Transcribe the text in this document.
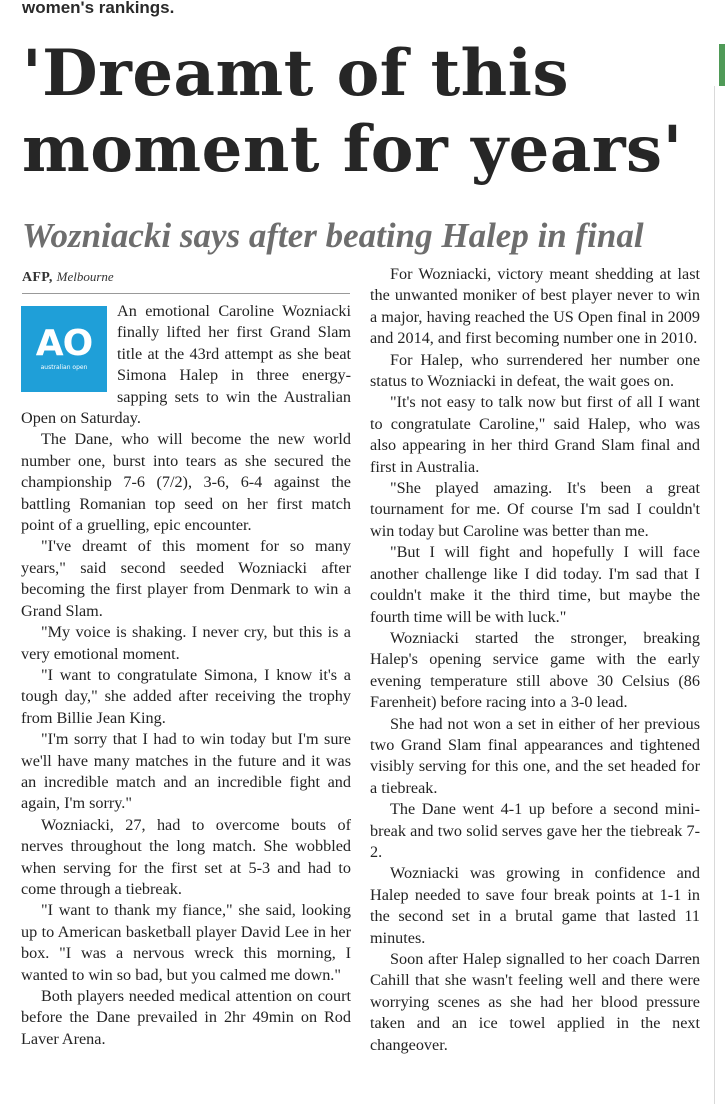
women's rankings.
'Dreamt of this moment for years'
Wozniacki says after beating Halep in final
AFP, Melbourne
AO
australian open

An emotional Caroline Wozniacki finally lifted her first Grand Slam title at the 43rd attempt as she beat Simona Halep in three energy-sapping sets to win the Australian Open on Saturday.

The Dane, who will become the new world number one, burst into tears as she secured the championship 7-6 (7/2), 3-6, 6-4 against the battling Romanian top seed on her first match point of a gruelling, epic encounter.

"I've dreamt of this moment for so many years," said second seeded Wozniacki after becoming the first player from Denmark to win a Grand Slam.

"My voice is shaking. I never cry, but this is a very emotional moment.

"I want to congratulate Simona, I know it's a tough day," she added after receiving the trophy from Billie Jean King.

"I'm sorry that I had to win today but I'm sure we'll have many matches in the future and it was an incredible match and an incredible fight and again, I'm sorry."

Wozniacki, 27, had to overcome bouts of nerves throughout the long match. She wobbled when serving for the first set at 5-3 and had to come through a tiebreak.

"I want to thank my fiance," she said, looking up to American basketball player David Lee in her box. "I was a nervous wreck this morning, I wanted to win so bad, but you calmed me down."

Both players needed medical attention on court before the Dane prevailed in 2hr 49min on Rod Laver Arena.

For Wozniacki, victory meant shedding at last the unwanted moniker of best player never to win a major, having reached the US Open final in 2009 and 2014, and first becoming number one in 2010.

For Halep, who surrendered her number one status to Wozniacki in defeat, the wait goes on.

"It's not easy to talk now but first of all I want to congratulate Caroline," said Halep, who was also appearing in her third Grand Slam final and first in Australia.

"She played amazing. It's been a great tournament for me. Of course I'm sad I couldn't win today but Caroline was better than me.

"But I will fight and hopefully I will face another challenge like I did today. I'm sad that I couldn't make it the third time, but maybe the fourth time will be with luck."

Wozniacki started the stronger, breaking Halep's opening service game with the early evening temperature still above 30 Celsius (86 Farenheit) before racing into a 3-0 lead.

She had not won a set in either of her previous two Grand Slam final appearances and tightened visibly serving for this one, and the set headed for a tiebreak.

The Dane went 4-1 up before a second mini-break and two solid serves gave her the tiebreak 7-2.

Wozniacki was growing in confidence and Halep needed to save four break points at 1-1 in the second set in a brutal game that lasted 11 minutes.

Soon after Halep signalled to her coach Darren Cahill that she wasn't feeling well and there were worrying scenes as she had her blood pressure taken and an ice towel applied in the next changeover.
